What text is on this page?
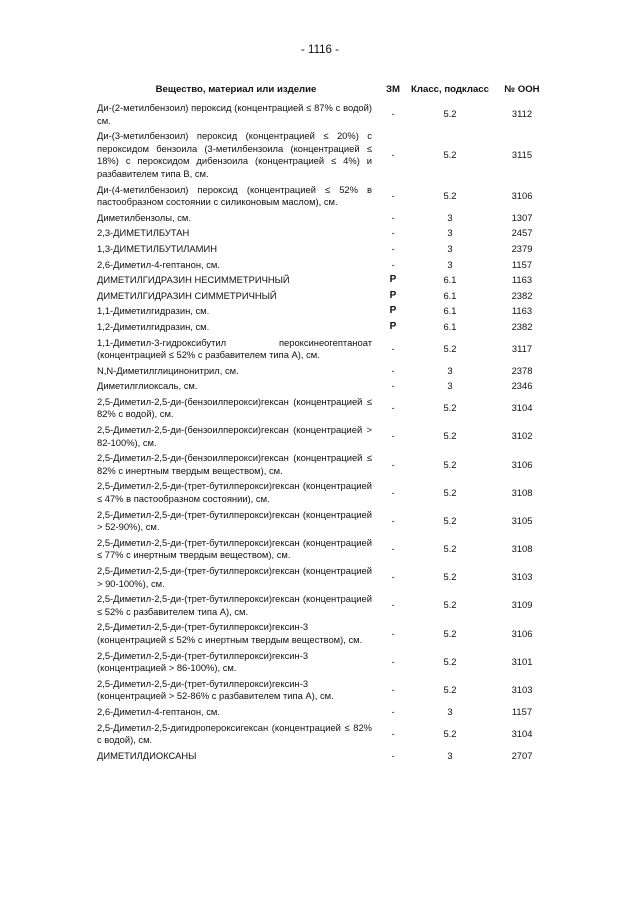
- 1116 -
Вещество, материал или изделие	ЗМ	Класс, подкласс	№ ООН
Ди-(2-метилбензоил) пероксид (концентрацией ≤ 87% с водой) см.	-	5.2	3112
Ди-(3-метилбензоил) пероксид (концентрацией ≤ 20%) с пероксидом бензоила (3-метилбензоила (концентрацией ≤ 18%) с пероксидом дибензоила (концентрацией ≤ 4%) и разбавителем типа В, см.	-	5.2	3115
Ди-(4-метилбензоил) пероксид (концентрацией ≤ 52% в пастообразном состоянии с силиконовым маслом), см.	-	5.2	3106
Диметилбензолы, см.	-	3	1307
2,3-ДИМЕТИЛБУТАН	-	3	2457
1,3-ДИМЕТИЛБУТИЛАМИН	-	3	2379
2,6-Диметил-4-гептанон, см.	-	3	1157
ДИМЕТИЛГИДРАЗИН НЕСИММЕТРИЧНЫЙ	Р	6.1	1163
ДИМЕТИЛГИДРАЗИН СИММЕТРИЧНЫЙ	Р	6.1	2382
1,1-Диметилгидразин, см.	Р	6.1	1163
1,2-Диметилгидразин, см.	Р	6.1	2382
1,1-Диметил-3-гидроксибутил пероксинеогептаноат (концентрацией ≤ 52% с разбавителем типа А), см.	-	5.2	3117
N,N-Диметилглицинонитрил, см.	-	3	2378
Диметилглиоксаль, см.	-	3	2346
2,5-Диметил-2,5-ди-(бензоилперокси)гексан (концентрацией ≤ 82% с водой), см.	-	5.2	3104
2,5-Диметил-2,5-ди-(бензоилперокси)гексан (концентрацией > 82-100%), см.	-	5.2	3102
2,5-Диметил-2,5-ди-(бензоилперокси)гексан (концентрацией ≤ 82% с инертным твердым веществом), см.	-	5.2	3106
2,5-Диметил-2,5-ди-(трет-бутилперокси)гексан (концентрацией ≤ 47% в пастообразном состоянии), см.	-	5.2	3108
2,5-Диметил-2,5-ди-(трет-бутилперокси)гексан (концентрацией > 52-90%), см.	-	5.2	3105
2,5-Диметил-2,5-ди-(трет-бутилперокси)гексан (концентрацией ≤ 77% с инертным твердым веществом), см.	-	5.2	3108
2,5-Диметил-2,5-ди-(трет-бутилперокси)гексан (концентрацией > 90-100%), см.	-	5.2	3103
2,5-Диметил-2,5-ди-(трет-бутилперокси)гексан (концентрацией ≤ 52% с разбавителем типа А), см.	-	5.2	3109
2,5-Диметил-2,5-ди-(трет-бутилперокси)гексин-3 (концентрацией ≤ 52% с инертным твердым веществом), см.	-	5.2	3106
2,5-Диметил-2,5-ди-(трет-бутилперокси)гексин-3 (концентрацией > 86-100%), см.	-	5.2	3101
2,5-Диметил-2,5-ди-(трет-бутилперокси)гексин-3 (концентрацией > 52-86% с разбавителем типа А), см.	-	5.2	3103
2,6-Диметил-4-гептанон, см.	-	3	1157
2,5-Диметил-2,5-дигидропероксигексан (концентрацией ≤ 82% с водой), см.	-	5.2	3104
ДИМЕТИЛДИОКСАНЫ	-	3	2707
